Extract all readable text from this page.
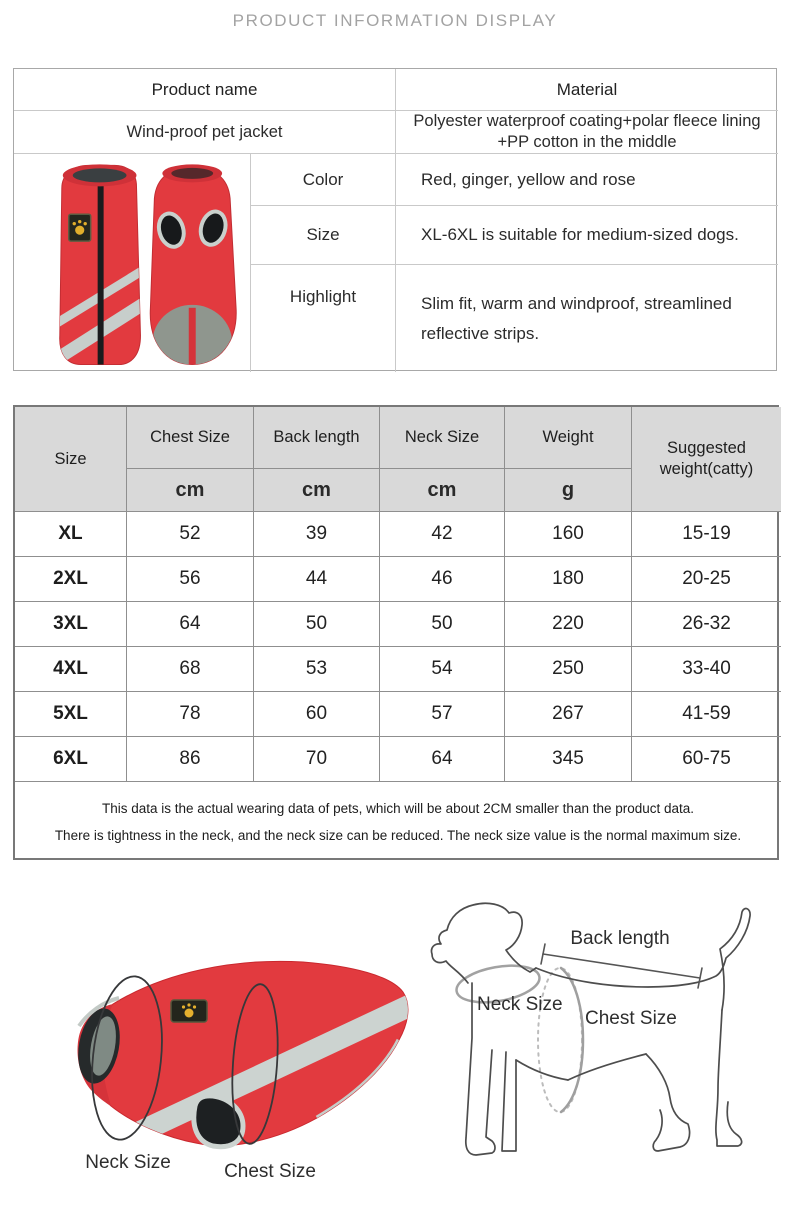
PRODUCT INFORMATION DISPLAY
Product name	Material
Wind-proof pet jacket
Polyester waterproof coating+polar fleece lining
+PP cotton in the middle
Color	Red, ginger, yellow and rose
Size	XL-6XL is suitable for medium-sized dogs.
Highlight	Slim fit, warm and windproof, streamlined reflective strips.
Size
Chest Size	Back length	Neck Size	Weight
Suggested weight(catty)
cm	cm	cm	g
XL	52	39	42	160	15-19
2XL	56	44	46	180	20-25
3XL	64	50	50	220	26-32
4XL	68	53	54	250	33-40
5XL	78	60	57	267	41-59
6XL	86	70	64	345	60-75
This data is the actual wearing data of pets, which will be about 2CM smaller than the product data.
There is tightness in the neck, and the neck size can be reduced. The neck size value is the normal maximum size.
Back length
Neck Size
Chest Size
Neck Size	Chest Size
